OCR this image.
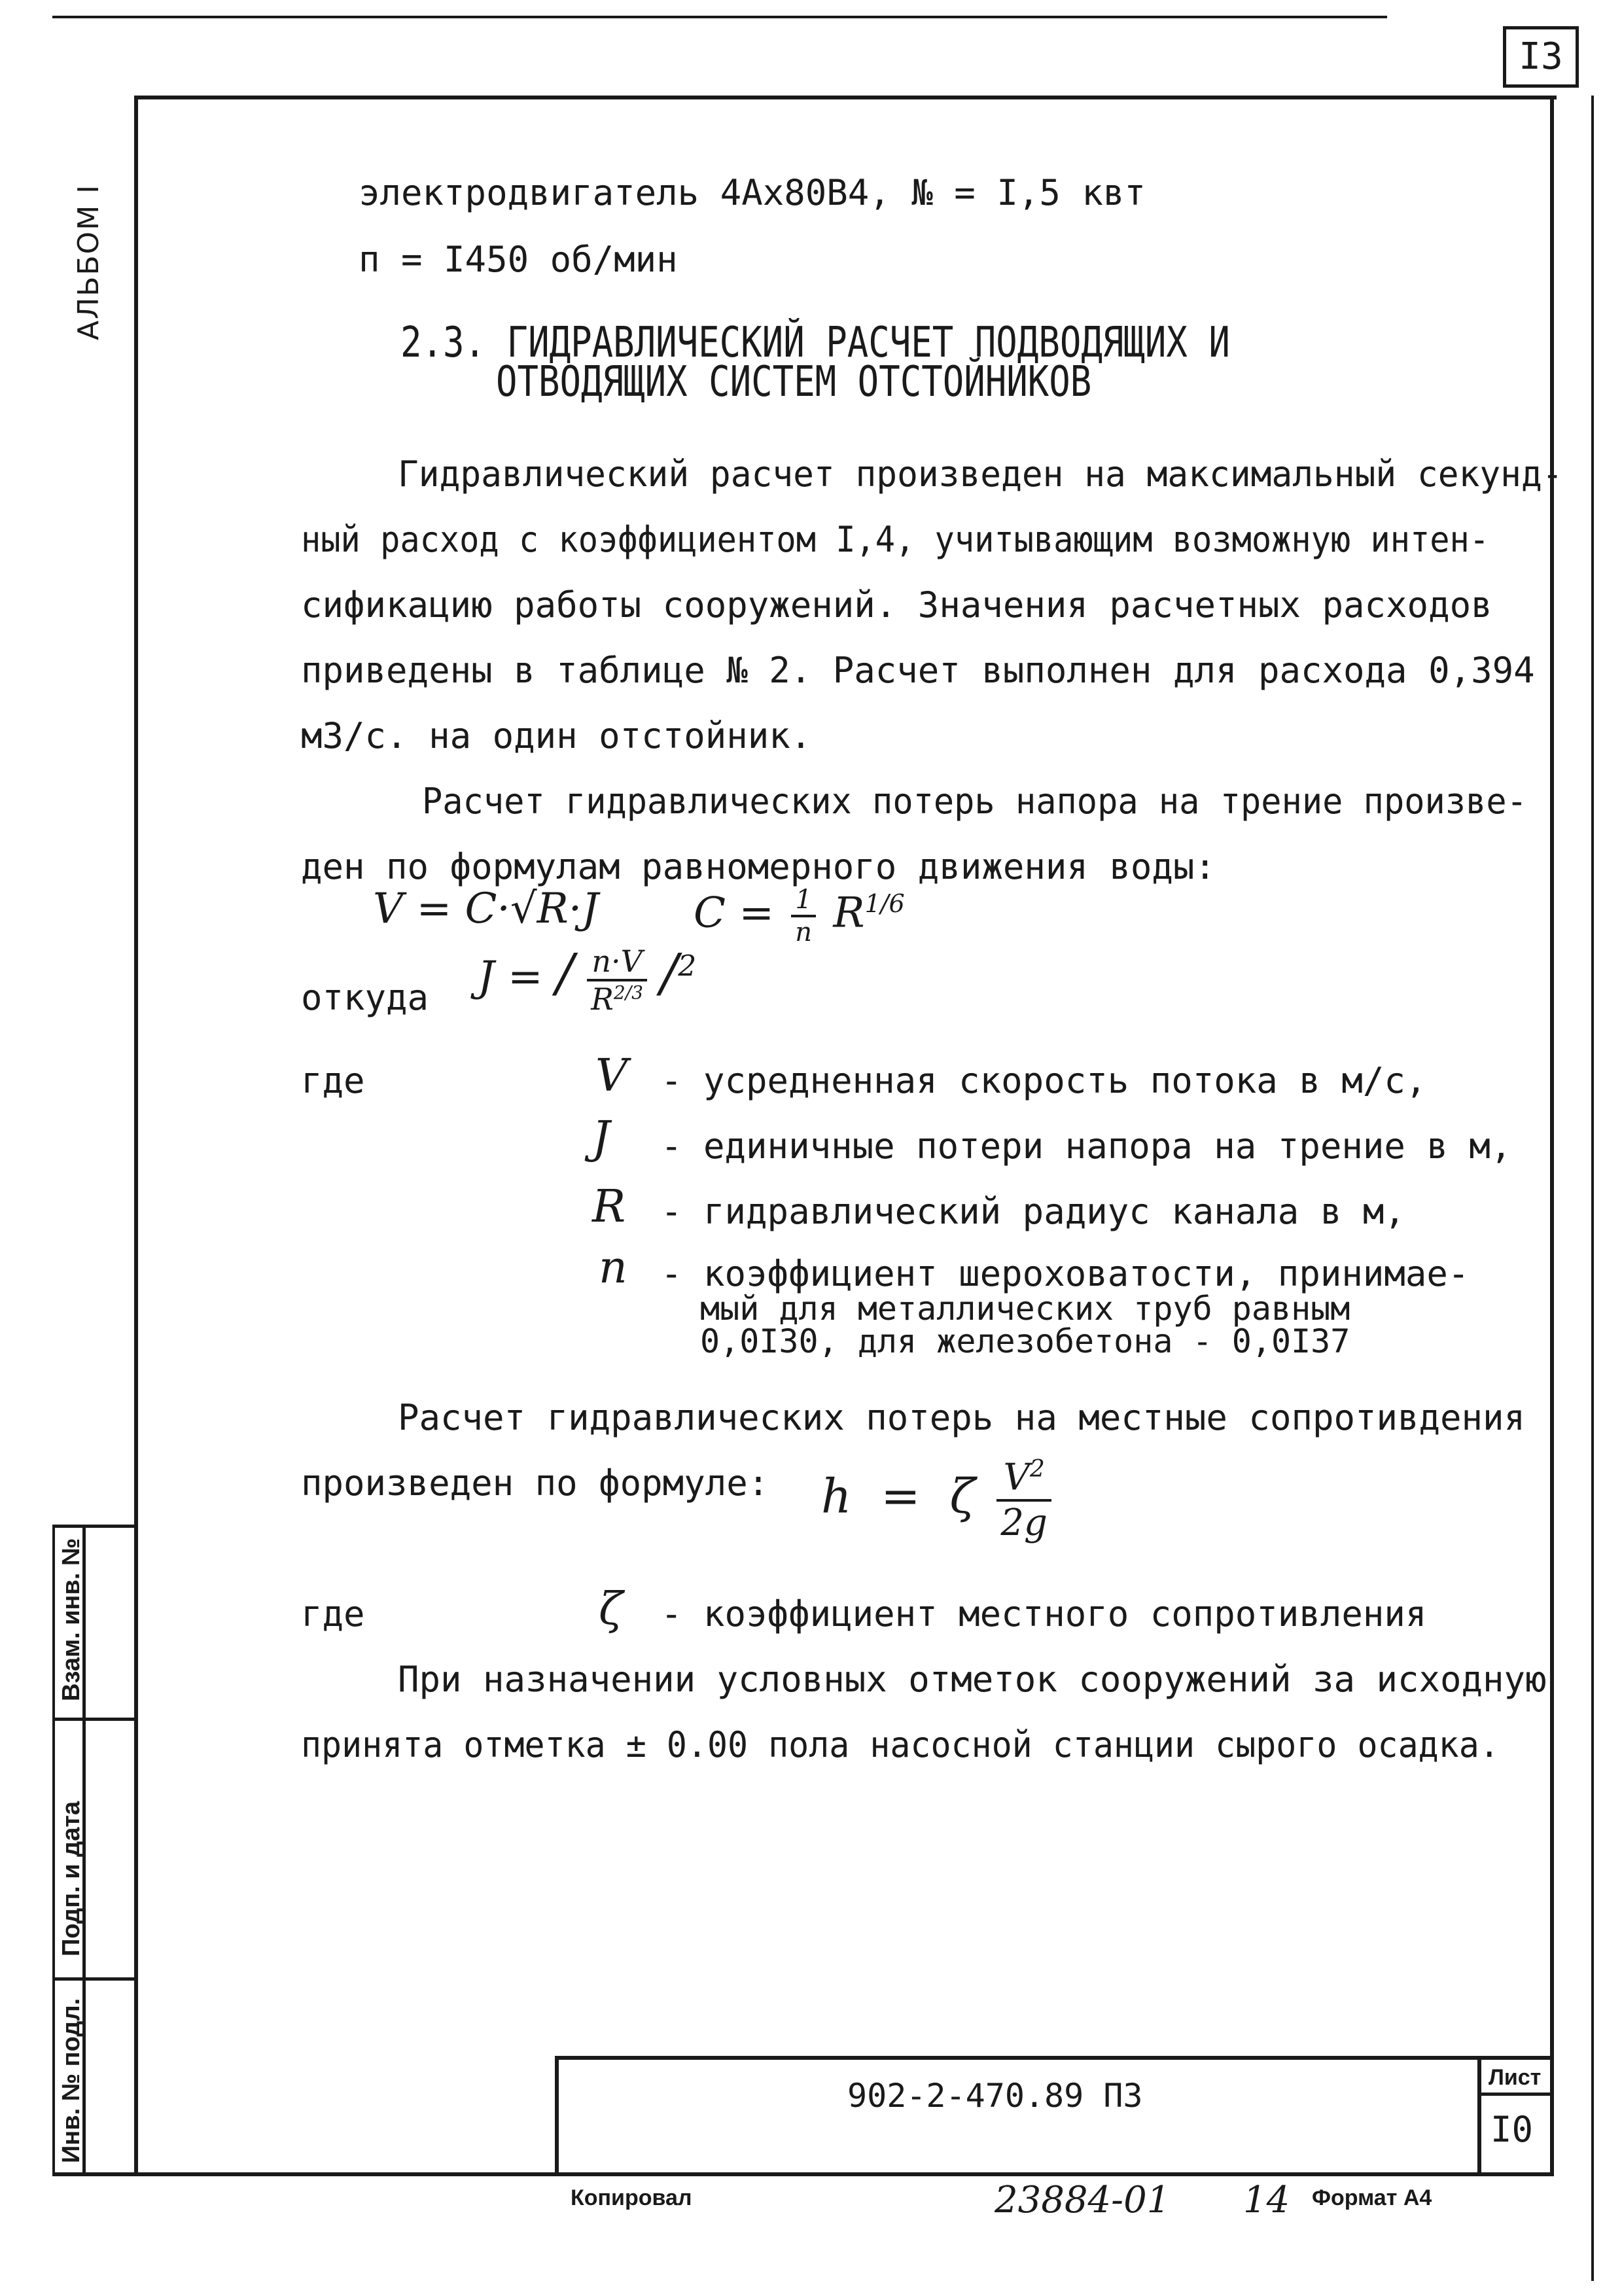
I3
АЛЬБОМ I
Взам. инв. №
Подп. и дата
Инв. № подл.
электродвигатель 4Ах80В4, № = I,5 квт
п = I450 об/мин
2.3. ГИДРАВЛИЧЕСКИЙ РАСЧЕТ ПОДВОДЯЩИХ И
ОТВОДЯЩИХ СИСТЕМ ОТСТОЙНИКОВ
Гидравлический расчет произведен на максимальный секунд-
ный расход с коэффициентом I,4, учитывающим возможную интен-
сификацию работы сооружений. Значения расчетных расходов
приведены в таблице № 2. Расчет выполнен для расхода 0,394
м3/с. на один отстойник.
Расчет гидравлических потерь напора на трение произве-
ден по формулам равномерного движения воды:
V = C·√R·J $C = \frac{1}{n} R^{1/6}$
откуда J = / $\frac{n\cdot V}{R^{2/3}} /^2$
где	V - усредненная скорость потока в м/с,
J - единичные потери напора на трение в м,
R - гидравлический радиус канала в м,
n - коэффициент шероховатости, принимае-
мый для металлических труб равным
0,0I30, для железобетона - 0,0I37
Расчет гидравлических потерь на местные сопротивдения
произведен по формуле: h = ζ $\frac{V^2}{2g}$
где	ζ - коэффициент местного сопротивления
При назначении условных отметок сооружений за исходную
принята отметка ± 0.00 пола насосной станции сырого осадка.
902-2-470.89 ПЗ	Лист
I0
Копировал	23884-01 14 Формат А4
